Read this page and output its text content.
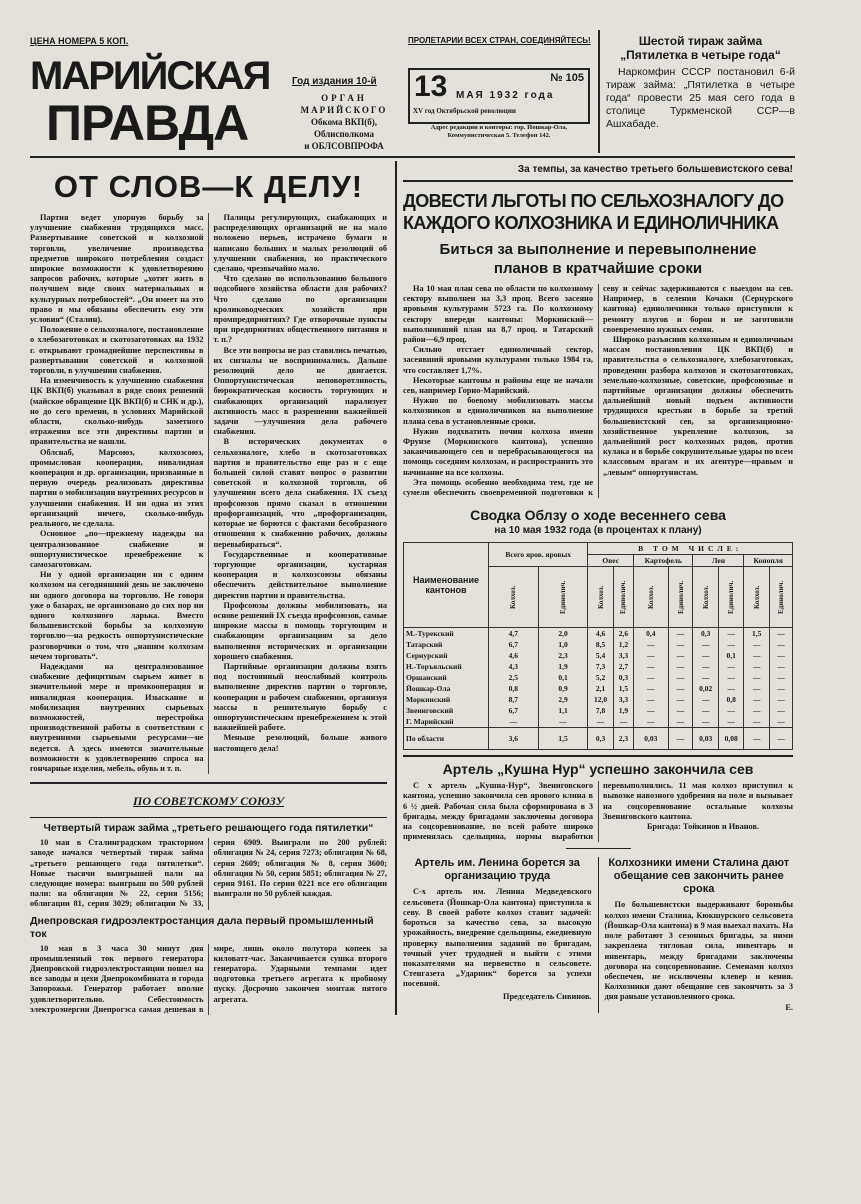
ЦЕНА НОМЕРА 5 КОП.
МАРИЙСКАЯ
ПРАВДА
Год издания 10-й
ОРГАН
МАРИЙСКОГО
Обкома ВКП(б),
Облисполкома
и ОБЛСОВПРОФА
ПРОЛЕТАРИИ ВСЕХ СТРАН, СОЕДИНЯЙТЕСЬ!
13	№ 105
МАЯ 1932 года
XV год Октябрьской революции
Адрес редакции и конторы: гор. Йошкар-Ола, Коммунистическая 5. Телефон 142.
Шестой тираж займа „Пятилетка в четыре года“
Наркомфин СССР постановил 6-й тираж займа: „Пятилетка в четыре года“ провести 25 мая сего года в столице Туркменской ССР—в Ашхабаде.
ОТ СЛОВ—К ДЕЛУ!

Партия ведет упорную борьбу за улучшение снабжения трудящихся масс. Развертывание советской и колхозной торговли, увеличение производства предметов широкого потребления создаст широкие возможности к удовлетворению запросов рабочих, которые „хотят жить в получшем виде своих материальных и культурных потребностей“. „Он имеет на это право и мы обязаны обеспечить ему эти условия“ (Сталин).

Положение о сельхозналоге, постановление о хлебозаготовках и скотозаготовках на 1932 г. открывают громаднейшие перспективы в развертывании советской и колхозной торговли, в улучшении снабжения.

На изменчивость к улучшению снабжения ЦК ВКП(б) указывал в ряде своих решений (майское обращение ЦК ВКП(б) и СНК и др.), но до сего времени, в условиях Марийской области, сколько-нибудь заметного отражения все эти директивы партии и правительства не нашли.

Облснаб, Марсоюз, колхозсоюз, промысловая кооперация, инвалидная кооперация и др. организации, призванные в первую очередь реализовать директивы партии о мобилизации внутренних ресурсов и улучшении снабжения. И ни одна из этих организаций ничего, сколько-нибудь реального, не сделала.

Основное „по—прежнему надежды на централизованное снабжение и оппортунистическое пренебрежение к самозаготовкам.

Ни у одной организации ни с одним колхозом на сегодняшний день не заключено ни одного договора на торговлю. Не говоря уже о базарах, не организовано до сих пор ни одного колхозного ларька. Вместо большевистской борьбы за колхозную торговлю—на редкость оппортунистические разговорчики о том, что „нашим колхозам нечем торговать“.

Надеждами на централизованное снабжение дефицитным сырьем живет в значительной мере и промкооперация и инвалидная кооперация. Изыскание и мобилизация внутренних сырьевых возможностей, перестройка производственной работы в соответствии с внутренними сырьевыми ресурсами—не ведется. А здесь имеются значительные возможности к удовлетворению спроса на гончарные изделия, мебель, обувь и т. п.

Палицы регулирующих, снабжающих и распределяющих организаций не на мало положено перьев, истрачено бумаги и написано больших и малых резолюций об улучшении снабжения, но практического сделано, чрезвычайно мало.

Что сделано по использованию большого подсобного хозяйства области для рабочих? Что сделано по организации кролиководческих хозяйств при промпредприятиях? Где отворочные пункты при предприятиях общественного питания и т. п.?

Все эти вопросы не раз ставились печатью, их сигналы не воспринимались. Дальше резолюций дело не двигается. Оппортунистическая неповоротливость, бюрократическая косность торгующих и снабжающих организаций парализует активность масс в разрешении важнейшей задачи —улучшения дела рабочего снабжения.

В исторических документах о сельхозналоге, хлебо и скотозаготовках партия и правительство еще раз и с еще большей силой ставят вопрос о развитии советской и колхозной торговли, об улучшении всего дела снабжения. IX съезд профсоюзов прямо сказал в отношении профорганизаций, что „профорганизации, которые не борются с фактами бесобразного отношения к снабжению рабочих, должны перевыбираться“.

Государственные и кооперативные торгующие организации, кустарная кооперация и колхозсоюзы обязаны обеспечить действительное выполнение директив партии и правительства.

Профсоюзы должны мобилизовать, на основе решений IX съезда профсоюзов, самые широкие массы в помощь торгующим и снабжающим организациям за дело выполнения исторических и организации хорошего снабжения.

Партийные организации должны взять под постоянный неослабный контроль выполнение директив партии о торговле, кооперации и рабочем снабжении, организуя массы в решительную борьбу с оппортунистическим пренебрежением к этой важнейшей работе.

Меньше резолюций, больше живого настоящего дела!

ПО СОВЕТСКОМУ СОЮЗУ
Четвертый тираж займа „третьего решающего года пятилетки“

10 мая в Сталинградском тракторном заводе начался четвертый тираж займа „третьего решающего года пятилетки“. Новые тысячи выигрышей пали на следующие номера: выигрыш по 500 рублей пали: на облигации № 22, серия 5156; облигации 81, серия 3029; облигации № 33, серия 6909. Выиграли по 200 рублей: облигация № 24, серия 7273; облигация № 68, серия 2609; облигация № 8, серия 3600; облигация № 50, серия 5851; облигация № 27, серия 9161. По серии 0221 все его облигации выиграли по 50 рублей каждая.

Днепровская гидроэлектростанция дала первый промышленный ток

10 мая в 3 часа 30 минут дня промышленный ток первого генератора Днепровской гидроэлектростанции пошел на все заводы и цехи Днепрокомбината и города Запорожья. Генератор работает вполне удовлетворительно. Себестоимость электроэнергии Днепрогэса самая дешевая в мире, лишь около полутора копеек за киловатт-час. Заканчивается сушка второго генератора. Ударными темпами идет подготовка третьего агрегата к пробному пуску. Досрочно закончен монтаж пятого агрегата.

За темпы, за качество третьего большевистского сева!
ДОВЕСТИ ЛЬГОТЫ ПО СЕЛЬХОЗНАЛОГУ ДО КАЖДОГО КОЛХОЗНИКА И ЕДИНОЛИЧНИКА
Биться за выполнение и перевыполнение планов в кратчайшие сроки

На 10 мая план сева по области по колхозному сектору выполнен на 3,3 проц. Всего засеяно яровыми культурами 5723 га. По колхозному сектору впереди кантоны: Моркинский—выполнивший план на 8,7 проц. и Татарский район—6,9 проц.

Сильно отстает единоличный сектор, засеявший яровыми культурами только 1984 га, что составляет 1,7%.

Некоторые кантоны и районы еще не начали сев, например Горно-Марийский.

Нужно по боевому мобилизовать массы колхозников и единоличников на выполнение плана сева в установленные сроки.

Нужно подхватить почин колхоза имени Фрунзе (Моркинского кантона), успешно заканчивающего сев и перебрасывающегося на помощь соседним колхозам, и распространить это начинание на все колхозы.

Эта помощь особенно необходима тем, где не сумели обеспечить своевременной подготовки к севу и сейчас задерживаются с выездом на сев. Например, в селении Кочаки (Сернурского кантона) единоличники только приступили к ремонту плугов и борон и не заготовили своевременно нужных семян.

Широко разъяснив колхозным и единоличным массам постановления ЦК ВКП(б) и правительства о сельхозналоге, хлебозаготовках, проведении разбора колхозов и скотозаготовках, земельно-колхозные, советские, профсоюзные и партийные организации должны обеспечить дальнейший новый подъем активности трудящихся крестьян в борьбе за третий большевистский сев, за организационно-хозяйственное укрепление колхозов, за дальнейший рост колхозных рядов, против кулака и в борьбе сокрушительные удары по всем классовым врагам и их агентуре—правым и „левым“ оппортунистам.

Сводка Облзу о ходе весеннего сева
на 10 мая 1932 года (в процентах к плану)
Наименование кантонов	Всего яров. яровых		В ТОМ ЧИСЛЕ:							
			Овес		Картофель		Лен		Конопля	

	Колхоз.	Единолич.	Колхоз.	Единолич.	Колхоз.	Единолич.	Колхоз.	Единолич.	Колхоз.	Единолич.

М.-Турекский	4,7	2,0	4,6	2,6	0,4	—	0,3	—	1,5	—
Татарский	6,7	1,0	8,5	1,2	—	—	—	—	—	—
Сернурский	4,6	2,3	5,4	3,3	—	—	—	0,1	—	—
Н.-Торъяльский	4,3	1,9	7,3	2,7	—	—	—	—	—	—
Оршанский	2,5	0,1	5,2	0,3	—	—	—	—	—	—
Йошкар-Ола	0,8	0,9	2,1	1,5	—	—	0,02	—	—	—
Моркинский	8,7	2,9	12,0	3,3	—	—	—	0,8	—	—
Звениговский	6,7	1,1	7,8	1,9	—	—	—	—	—	—
Г. Марийский	—	—	—	—	—	—	—	—	—	—
По области	3,6	1,5	0,3	2,3	0,03	—	0,03	0,08	—	—
Артель „Кушна Нур“ успешно закончила сев

С х артель „Кушна-Нур“, Звениговского кантона, успешно закончила сев ярового клина в 6 ½ дней. Рабочая сила была сформирована в 3 бригады, между бригадами заключены договора на соцсоревнование, во всей работе широко применялась сдельщина, нормы выработки перевыполнялись. 11 мая колхоз приступил к вывозке навозного удобрения на поле и вызывает на соцсоревнование остальные колхозы Звениговского кантона.

Бригада: Тойкинов и Иванов.

Артель им. Ленина борется за организацию труда

С-х артель им. Ленина Медведевского сельсовета (Йошкар-Ола кантона) приступила к севу. В своей работе колхоз ставит задачей: бороться за качество сева, за высокую урожайность, внедрение сдельщины, ежедневную проверку выполнения заданий по бригадам, точный учет трудодней и выйти с этими показателями на первенство в сельсовете. Стенгазета „Ударник“ борется за успехи посевной.

Председатель Сивинов.
Колхозники имени Сталина дают обещание сев закончить ранее срока

По большевистски выдерживают бороньбы колхоз имени Сталина, Кюкшурского сельсовета (Йошкар-Ола кантона) в 9 мая выехал пахать. На поле работают 3 сезонных бригады, за ними закреплена тягловая сила, инвентарь и инвентарь, между бригадами заключены договора на соцсоревнование. Семенами колхоз обеспечен, не исключены клевер и кения. Колхозники дают обещание сев закончить за 3 дня раньше установленного срока.

Е.
